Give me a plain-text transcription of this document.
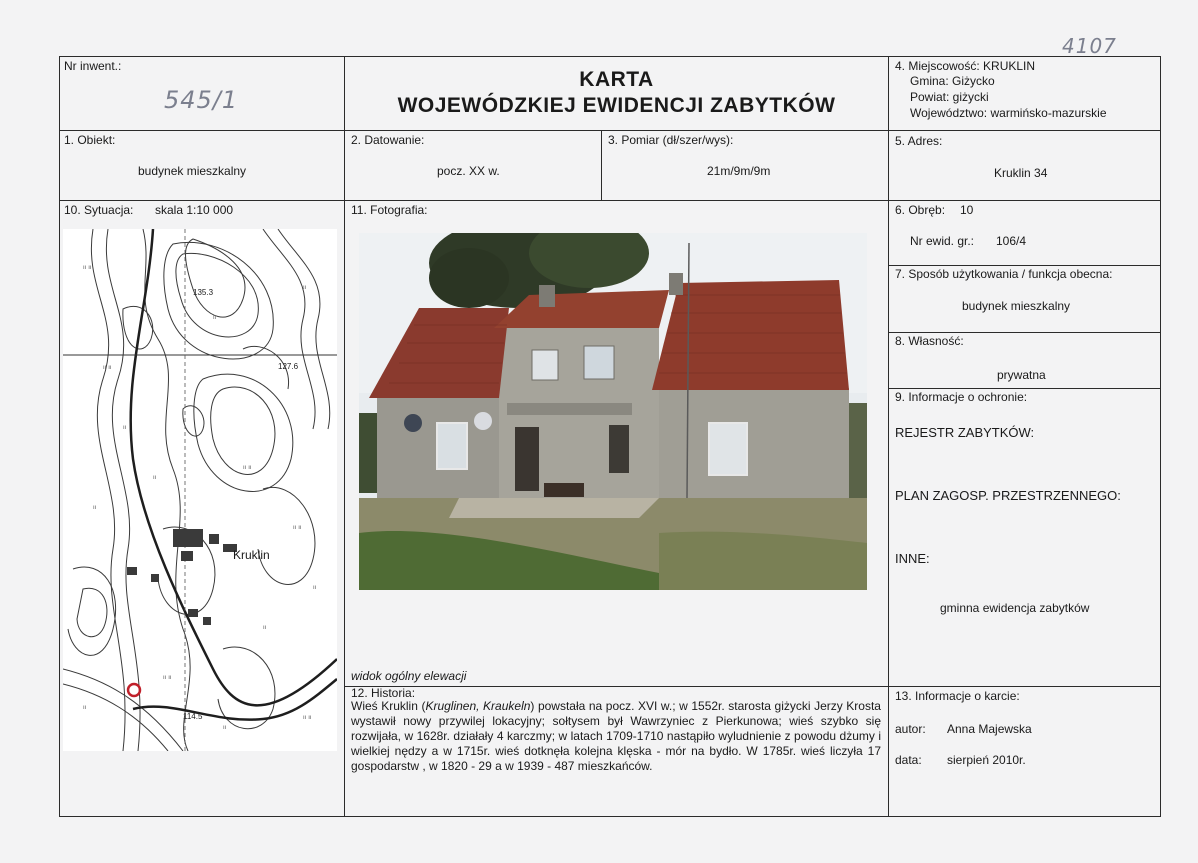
4107
Nr inwent.:
545/1
KARTA
WOJEWÓDZKIEJ EWIDENCJI ZABYTKÓW
4. Miejscowość: KRUKLIN
Gmina: Giżycko
Powiat: giżycki
Województwo: warmińsko-mazurskie
1. Obiekt:
budynek mieszkalny
2. Datowanie:
pocz. XX w.
3. Pomiar (dł/szer/wys):
21m/9m/9m
5. Adres:
Kruklin 34
10. Sytuacja: skala 1:10 000
ıı ıı
ıı
ıı ıı
ıı
ıı ıı
ıı
ıı
ıı ıı
ıı
ıı
ıı
ıı
ıı ıı
ıı
ıı ıı
Kruklin
135.3
127.6
114.5
11. Fotografia:
widok ogólny elewacji
6. Obręb: 10
Nr ewid. gr.: 106/4
7. Sposób użytkowania / funkcja obecna:
budynek mieszkalny
8. Własność:
prywatna
9. Informacje o ochronie:
REJESTR ZABYTKÓW:
PLAN ZAGOSP. PRZESTRZENNEGO:
INNE:
gminna ewidencja zabytków
12. Historia:
Wieś Kruklin (Kruglinen, Kraukeln) powstała na pocz. XVI w.; w 1552r. starosta giżycki Jerzy Krosta wystawił nowy przywilej lokacyjny; sołtysem był Wawrzyniec z Pierkunowa; wieś szybko się rozwijała, w 1628r. działały 4 karczmy; w latach 1709-1710 nastąpiło wyludnienie z powodu dżumy i wielkiej nędzy a w 1715r. wieś dotknęła kolejna klęska - mór na bydło. W 1785r. wieś liczyła 17 gospodarstw , w 1820 - 29 a w 1939 - 487 mieszkańców.
13. Informacje o karcie:
autor: Anna Majewska
data: sierpień 2010r.
